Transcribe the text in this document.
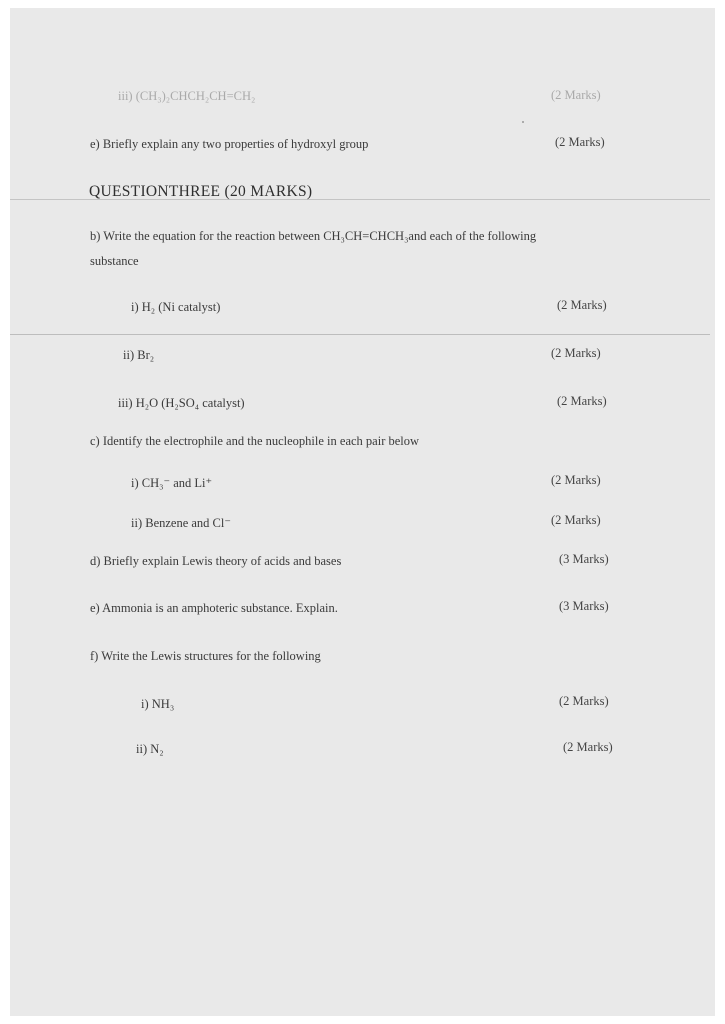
iii) (CH₃)₂CHCH₂CH=CH₂	(2 Marks)
e) Briefly explain any two properties of hydroxyl group	(2 Marks)
QUESTIONTHREE (20 MARKS)
b) Write the equation for the reaction between CH₃CH=CHCH₃and each of the following
substance
i) H₂ (Ni catalyst)	(2 Marks)
ii) Br₂	(2 Marks)
iii) H₂O (H₂SO₄ catalyst)	(2 Marks)
c) Identify the electrophile and the nucleophile in each pair below
i) CH₃⁻ and Li⁺	(2 Marks)
ii) Benzene and Cl⁻	(2 Marks)
d) Briefly explain Lewis theory of acids and bases	(3 Marks)
e) Ammonia is an amphoteric substance. Explain.	(3 Marks)
f) Write the Lewis structures for the following
i) NH₃	(2 Marks)
ii) N₂	(2 Marks)
